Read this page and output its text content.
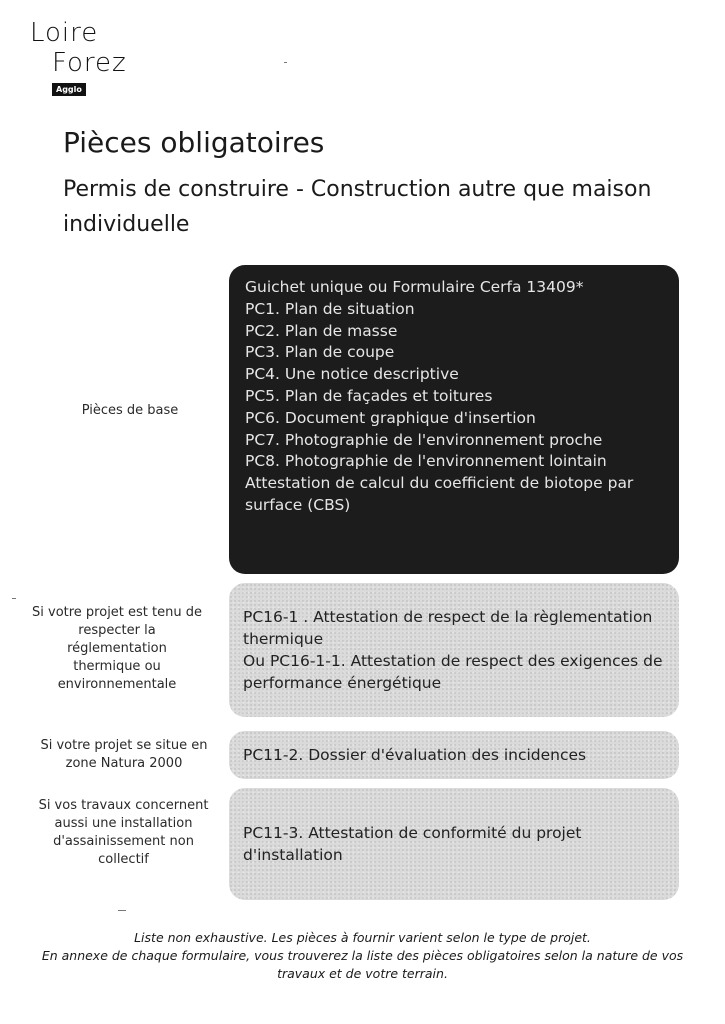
Loire
Forez
Agglo
Pièces obligatoires
Permis de construire - Construction autre que maison individuelle
Pièces de base
Guichet unique ou Formulaire Cerfa 13409*
PC1. Plan de situation
PC2. Plan de masse
PC3. Plan de coupe
PC4. Une notice descriptive
PC5. Plan de façades et toitures
PC6. Document graphique d'insertion
PC7. Photographie de l'environnement proche
PC8. Photographie de l'environnement lointain
Attestation de calcul du coefficient de biotope par surface (CBS)
Si votre projet est tenu de respecter la réglementation thermique ou environnementale
PC16-1 . Attestation de respect de la règlementation thermique
Ou PC16-1-1. Attestation de respect des exigences de performance énergétique
Si votre projet se situe en zone Natura 2000	PC11-2. Dossier d'évaluation des incidences
Si vos travaux concernent aussi une installation d'assainissement non collectif
PC11-3. Attestation de conformité du projet d'installation
Liste non exhaustive. Les pièces à fournir varient selon le type de projet.
En annexe de chaque formulaire, vous trouverez la liste des pièces obligatoires selon la nature de vos travaux et de votre terrain.
